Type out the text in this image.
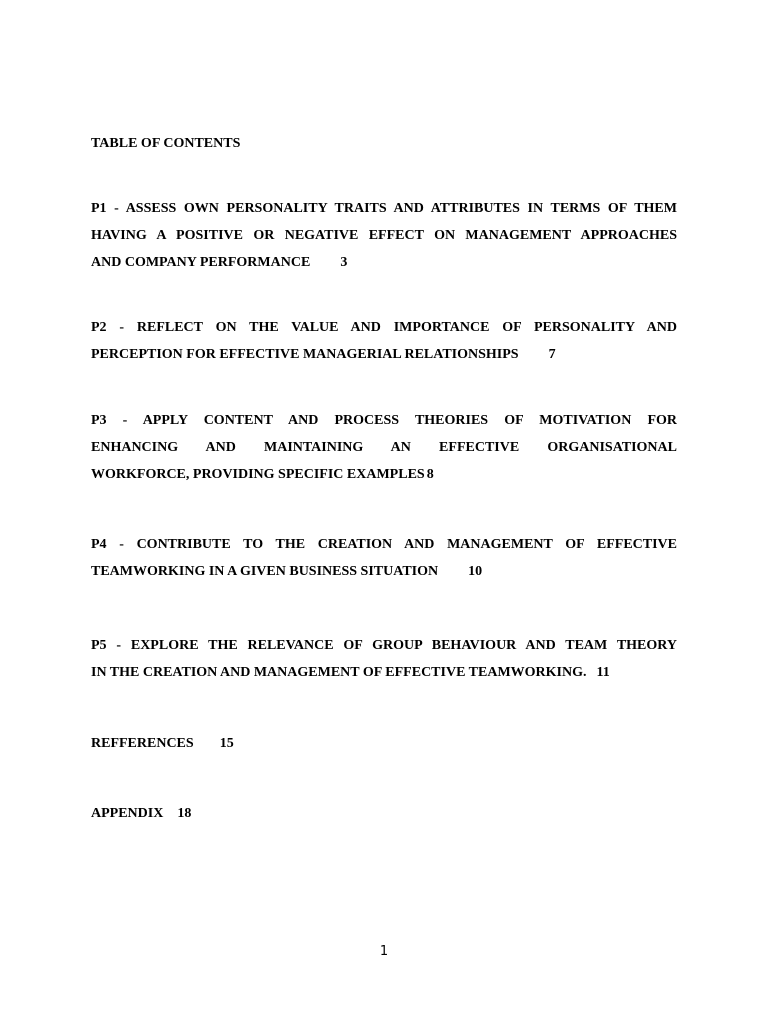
TABLE OF CONTENTS
P1 - ASSESS OWN PERSONALITY TRAITS AND ATTRIBUTES IN TERMS OF THEM
HAVING A POSITIVE OR NEGATIVE EFFECT ON MANAGEMENT APPROACHES
AND COMPANY PERFORMANCE 3
P2 - REFLECT ON THE VALUE AND IMPORTANCE OF PERSONALITY AND
PERCEPTION FOR EFFECTIVE MANAGERIAL RELATIONSHIPS 7
P3 - APPLY CONTENT AND PROCESS THEORIES OF MOTIVATION FOR
ENHANCING AND MAINTAINING AN EFFECTIVE ORGANISATIONAL
WORKFORCE, PROVIDING SPECIFIC EXAMPLES 8
P4 - CONTRIBUTE TO THE CREATION AND MANAGEMENT OF EFFECTIVE
TEAMWORKING IN A GIVEN BUSINESS SITUATION 10
P5 - EXPLORE THE RELEVANCE OF GROUP BEHAVIOUR AND TEAM THEORY
IN THE CREATION AND MANAGEMENT OF EFFECTIVE TEAMWORKING. 11
REFFERENCES 15
APPENDIX 18
1
